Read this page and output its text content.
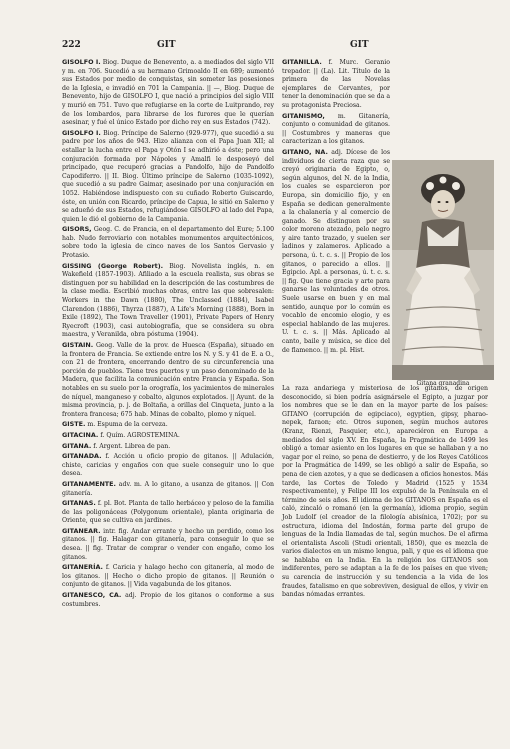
222	GIT	GIT

GISOLFO I. Biog. Duque de Benevento, a. a mediados del siglo VII y m. en 706. Sucedió a su hermano Grimoaldo II en 689; aumentó sus Estados por medio de conquistas, sin someter las posesiones de la Iglesia, e invadió en 701 la Campania. || —, Biog. Duque de Benevento, hijo de GISOLFO I, que nació a principios del siglo VIII y murió en 751. Tuvo que refugiarse en la corte de Luitprando, rey de los lombardos, para librarse de los furores que le querían asesinar, y fué el único Estado por dicho rey en sus Estados (742).

GISOLFO I. Biog. Príncipe de Salerno (929-977), que sucedió a su padre por los años de 943. Hizo alianza con el Papa Juan XII; al estallar la lucha entre el Papa y Otón I se adhirió a éste; pero una conjuración formada por Nápoles y Amalfi le desposeyó del principado, que recuperó gracias a Pandolfo, hijo de Pandolfo Capodiferro. || II. Biog. Último príncipe de Salerno (1035-1092), que sucedió a su padre Gaimar, asesinado por una conjuración en 1052. Habiéndose indispuesto con su cuñado Roberto Guiscardo, éste, en unión con Ricardo, príncipe de Capua, le sitió en Salerno y se adueñó de sus Estados, refugiándose GISOLFO al lado del Papa, quien le dió el gobierno de la Campania.

GISORS, Geog. C. de Francia, en el departamento del Eure; 5.100 hab. Nudo ferroviario con notables monumentos arquitectónicos, sobre todo la iglesia de cinco naves de los Santos Gervasio y Protasio.

GISSING (George Robert). Biog. Novelista inglés, n. en Wakefield (1857-1903). Afiliado a la escuela realista, sus obras se distinguen por su habilidad en la descripción de las costumbres de la clase media. Escribió muchas obras, entre las que sobresalen: Workers in the Dawn (1880), The Unclassed (1884), Isabel Clarendon (1886), Thyrza (1887), A Life's Morning (1888), Born in Exile (1892), The Town Traveller (1901), Private Papers of Henry Ryecroft (1903), casi autobiografía, que se considera su obra maestra, y Veranilda, obra póstuma (1904).

GISTAIN. Geog. Valle de la prov. de Huesca (España), situado en la frontera de Francia. Se extiende entre los N. y S. y 41 de E. a O., con 21 de frontera, encerrando dentro de su circunferencia una porción de pueblos. Tiene tres puertos y un paso denominado de la Madera, que facilita la comunicación entre Francia y España. Son notables en su suelo por la orografía, los yacimientos de minerales de níquel, manganeso y cobalto, algunos explotados. || Ayunt. de la misma provincia, p. j. de Boltaña, a orillas del Cinqueta, junto a la frontera francesa; 675 hab. Minas de cobalto, plomo y níquel.

GISTE. m. Espuma de la cerveza.

GITACINA. f. Quím. AGROSTEMINA.

GITANA. f. Argent. Librea de pan.

GITANADA. f. Acción u oficio propio de gitanos. || Adulación, chiste, caricias y engaños con que suele conseguir uno lo que desea.

GITANAMENTE. adv. m. A lo gitano, a usanza de gitanos. || Con gitanería.

GITANAS. f. pl. Bot. Planta de tallo herbáceo y peloso de la familia de las poligonáceas (Polygonum orientale), planta originaria de Oriente, que se cultiva en jardines.

GITANEAR. intr. fig. Andar errante y hecho un perdido, como los gitanos. || fig. Halagar con gitanería, para conseguir lo que se desea. || fig. Tratar de comprar o vender con engaño, como los gitanos.

GITANERÍA. f. Caricia y halago hecho con gitanería, al modo de los gitanos. || Hecho o dicho propio de gitanos. || Reunión o conjunto de gitanos. || Vida vagabunda de los gitanos.

GITANESCO, CA. adj. Propio de los gitanos o conforme a sus costumbres.

GITANILLA. f. Murc. Geranio trepador. || (La). Lit. Título de la primera de las Novelas ejemplares de Cervantes, por tener la denominación que se da a su protagonista Preciosa.

GITANISMO, m. Gitanería, conjunto o comunidad de gitanos. || Costumbres y maneras que caracterizan a los gitanos.

GITANO, NA. adj. Dícese de los individuos de cierta raza que se creyó originaria de Egipto, o, según algunos, del N. de la India, los cuales se esparcieron por Europa, sin domicilio fijo, y en España se dedican generalmente a la chalanería y al comercio de ganado. Se distinguen por su color moreno atezado, pelo negro y aire tanto trazado, y suelen ser ladinos y zalameros. Aplicado a persona, ú. t. c. s. || Propio de los gitanos, o parecido a ellos. || Egipcio. Apl. a personas, ú. t. c. s. || fig. Que tiene gracia y arte para ganarse las voluntades de otros. Suele usarse en buen y en mal sentido, aunque por lo común es vocablo de encomio elogio, y es especial hablando de las mujeres. U. t. c. s. || Más. Aplicado al canto, baile y música, se dice del de flamenco. || m. pl. Hist.

Gitana granadina

La raza andariega y misteriosa de los gitanos, de origen desconocido, si bien podría asignársele el Egipto, a juzgar por los nombres que se le dan en la mayor parte de los países: GITANO (corrupción de egipciaco), egyptien, gipsy, pharao-nepek, faraon; etc. Otros suponen, según muchos autores (Kranz, Rienzi, Pasquier, etc.), apareciéron en Europa a mediados del siglo XV. En España, la Pragmática de 1499 les obligó a tomar asiento en los lugares en que se hallaban y a no vagar por el reino, so pena de destierro, y de los Reyes Católicos por la Pragmática de 1499, se les obligó a salir de España, so pena de cien azotes, y a que se dedicasen a oficios honestos. Más tarde, las Cortes de Toledo y Madrid (1525 y 1534 respectivamente), y Felipe III los expulsó de la Península en el término de seis años. El idioma de los GITANOS en España es el caló, zincaló o romanó (en la germanía), idioma propio, según Job Ludolf (el creador de la filología abisínica, 1702); por su estructura, idioma del Indostán, forma parte del grupo de lenguas de la India llamadas de tal, según muchos. De el afirma el orientalista Ascoli (Studi orientali, 1850), que es mezcla de varios dialectos en un mismo lengua, pali, y que es el idioma que se hablaba en la India. En la religión los GITANOS son indiferentes, pero se adaptan a la fe de los países en que viven; su carencia de instrucción y su tendencia a la vida de los fraudes, fatalismo en que sobreviven, desigual de ellos, y vivir en bandas nómadas errantes.
